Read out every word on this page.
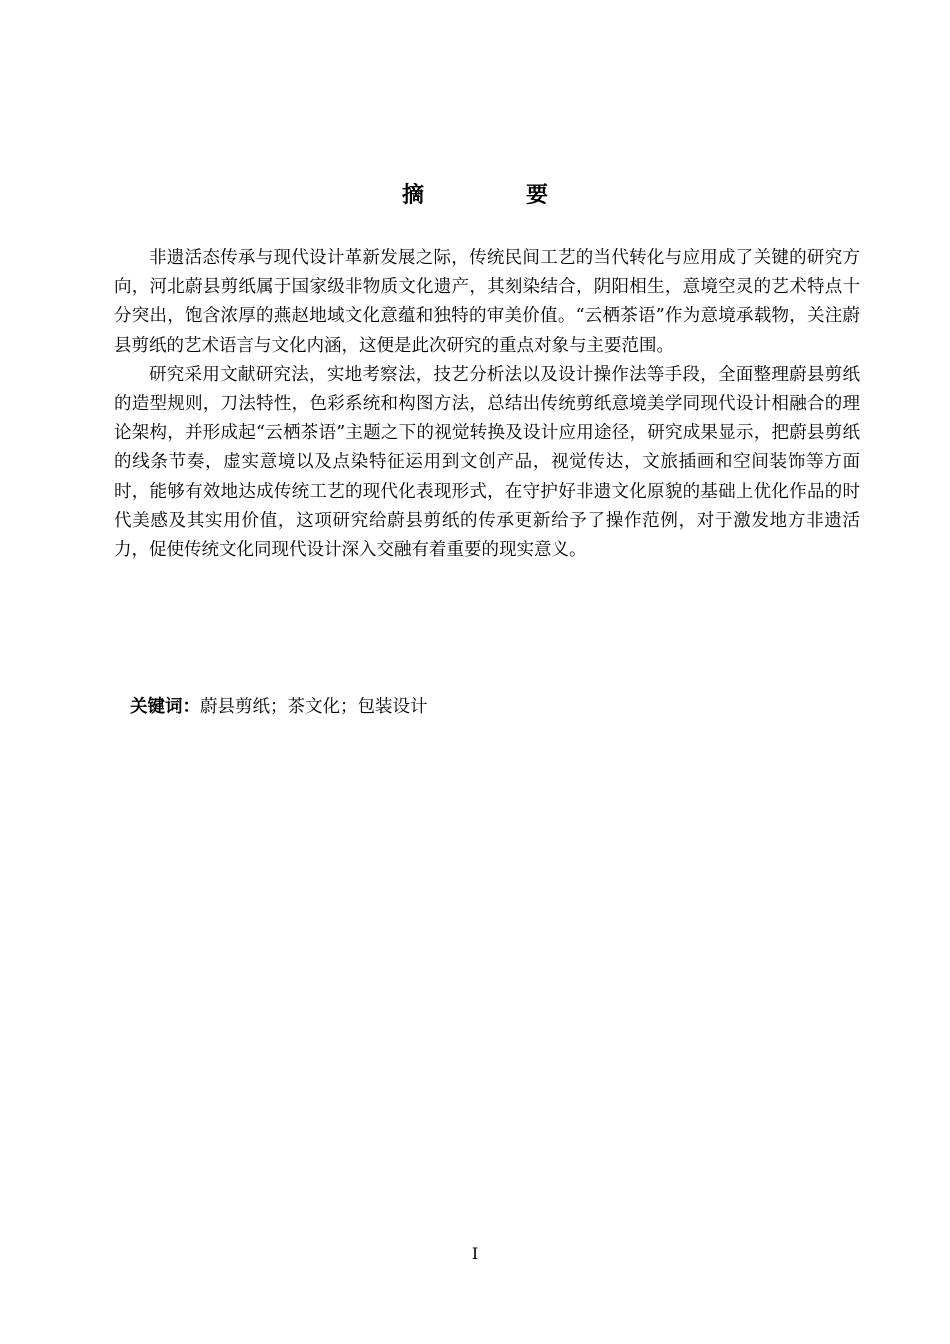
摘　要

非遗活态传承与现代设计革新发展之际，传统民间工艺的当代转化与应用成了关键的研究方向，河北蔚县剪纸属于国家级非物质文化遗产，其刻染结合，阴阳相生，意境空灵的艺术特点十分突出，饱含浓厚的燕赵地域文化意蕴和独特的审美价值。“云栖茶语”作为意境承载物，关注蔚县剪纸的艺术语言与文化内涵，这便是此次研究的重点对象与主要范围。

研究采用文献研究法，实地考察法，技艺分析法以及设计操作法等手段，全面整理蔚县剪纸的造型规则，刀法特性，色彩系统和构图方法，总结出传统剪纸意境美学同现代设计相融合的理论架构，并形成起“云栖茶语”主题之下的视觉转换及设计应用途径，研究成果显示，把蔚县剪纸的线条节奏，虚实意境以及点染特征运用到文创产品，视觉传达，文旅插画和空间装饰等方面时，能够有效地达成传统工艺的现代化表现形式，在守护好非遗文化原貌的基础上优化作品的时代美感及其实用价值，这项研究给蔚县剪纸的传承更新给予了操作范例，对于激发地方非遗活力，促使传统文化同现代设计深入交融有着重要的现实意义。

关键词：蔚县剪纸；茶文化；包装设计
I
